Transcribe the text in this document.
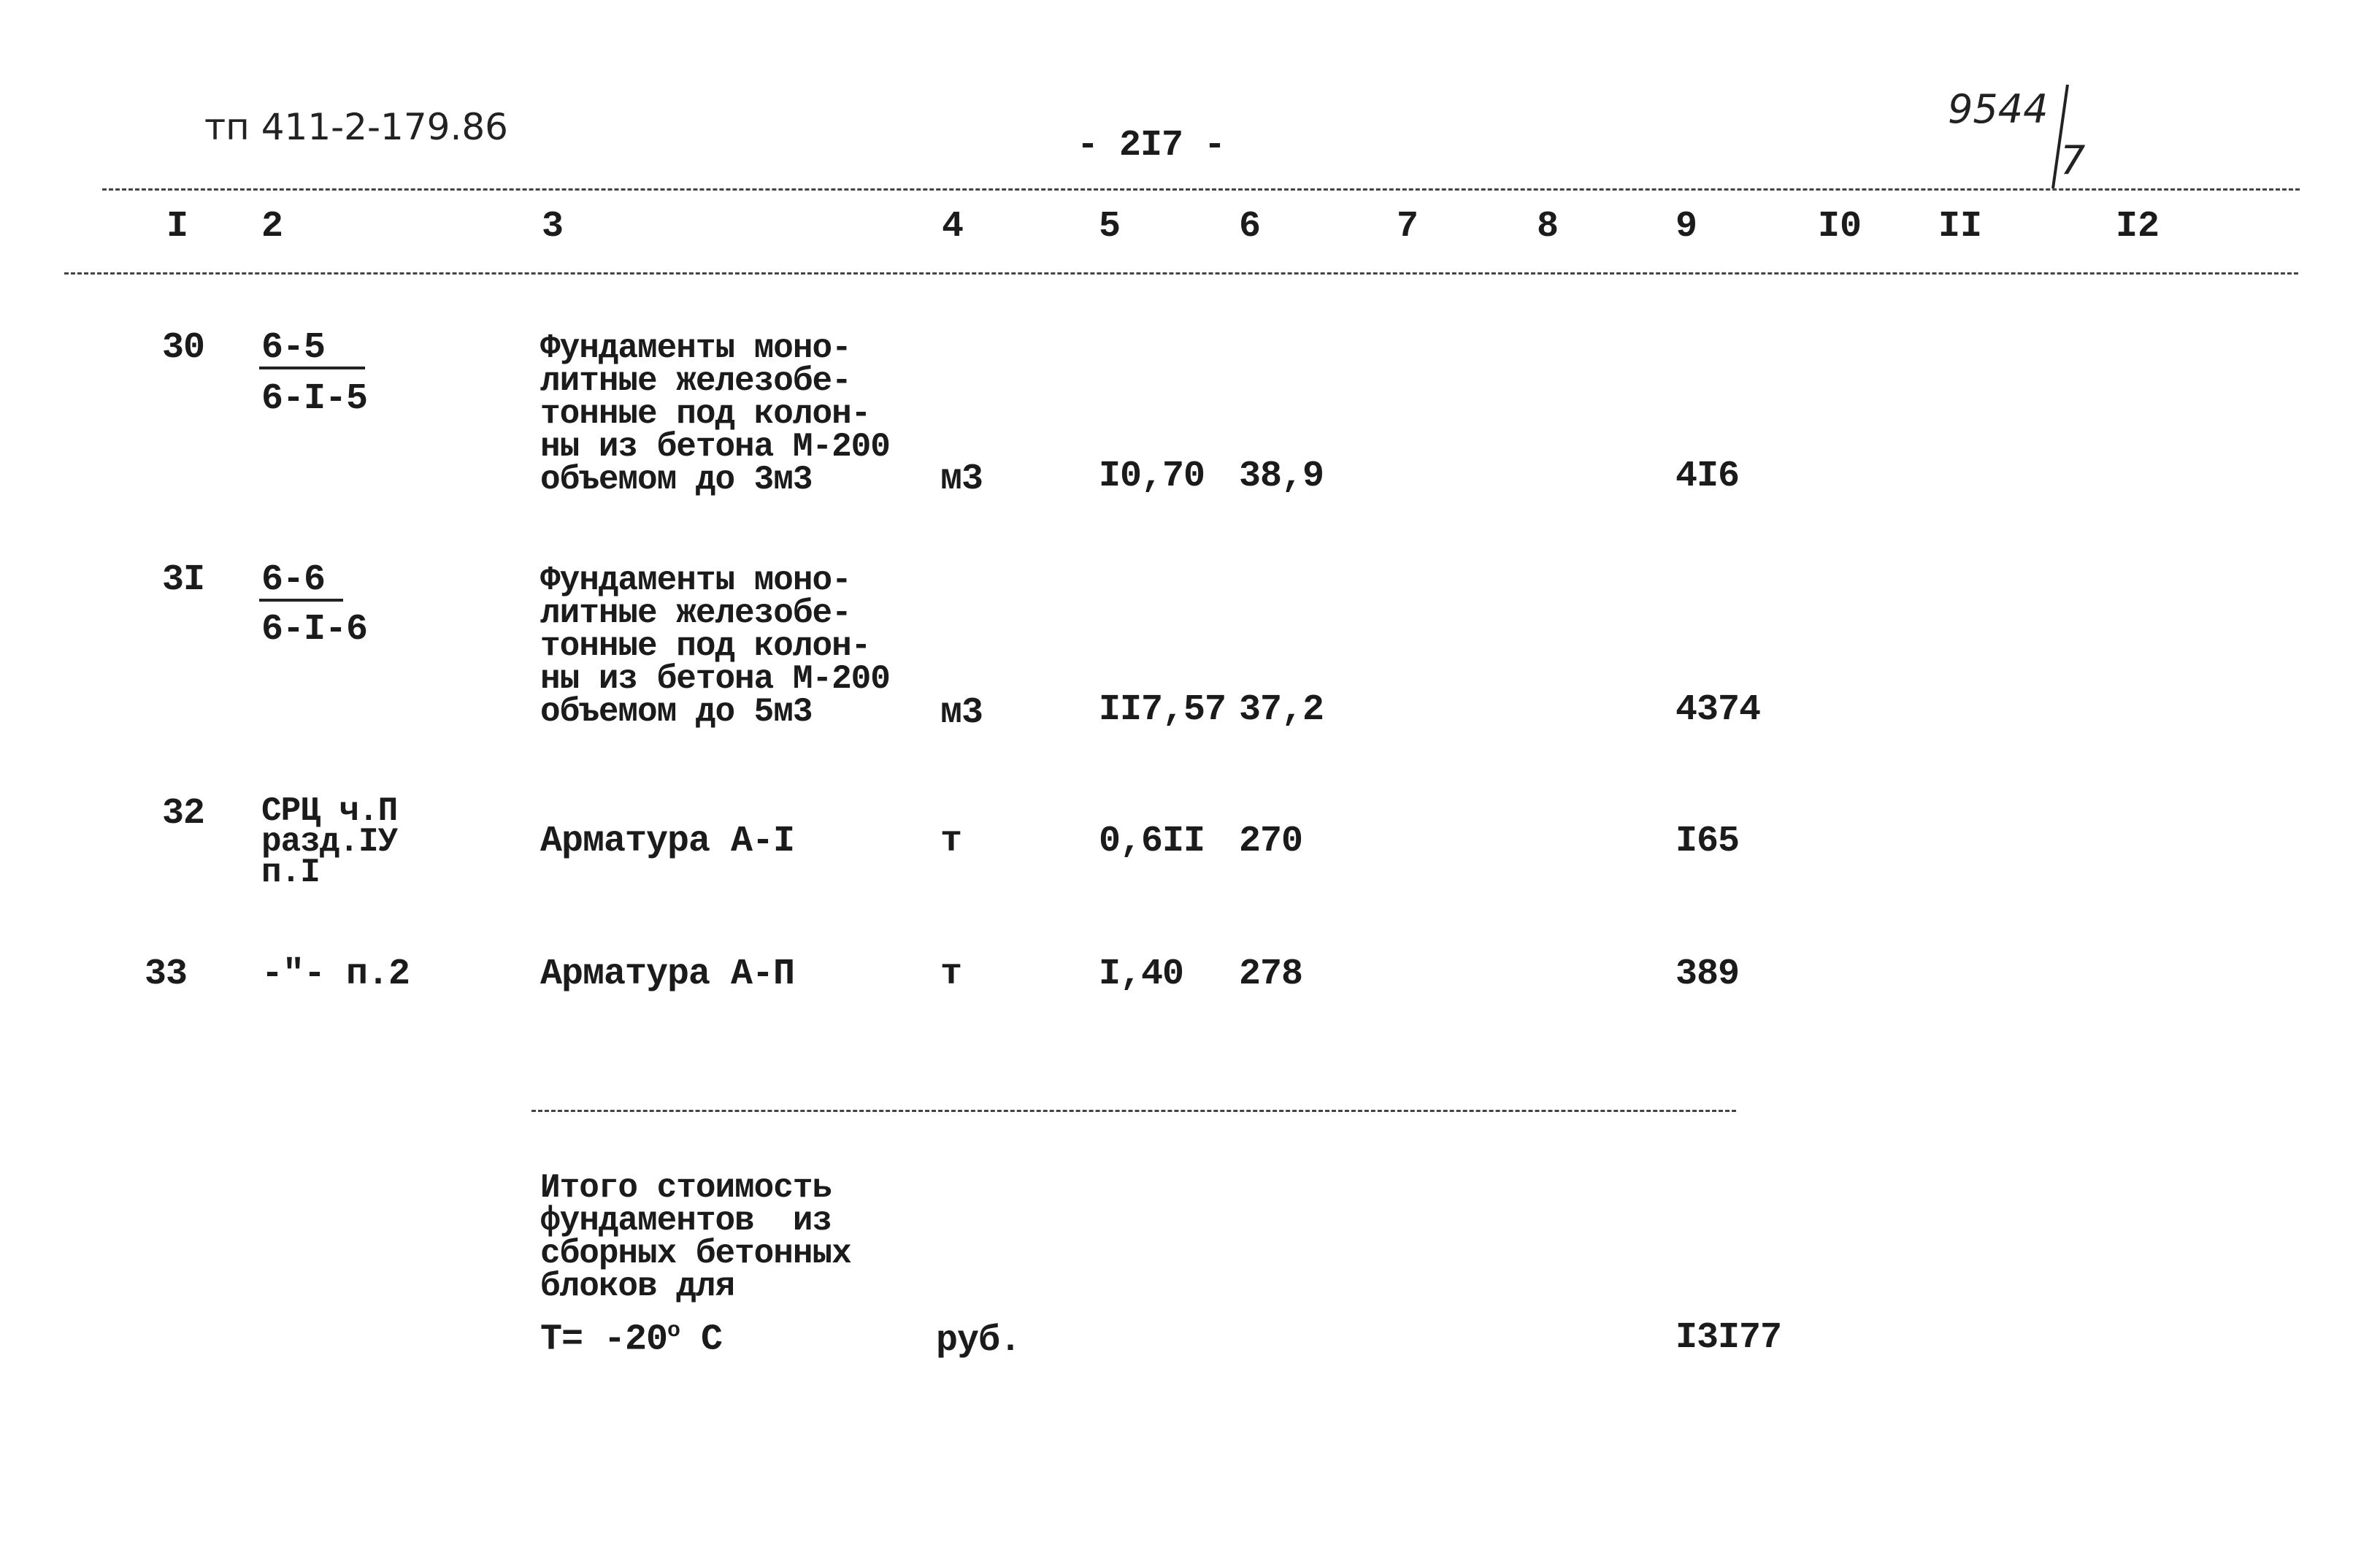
тп 411-2-179.86	- 2I7 -
9544
7
I 2	3	4	5	6	7	8	9	I0 II	I2
30 6-5
6-I-5
Фундаменты моно-
литные железобе-
тонные под колон-
ны из бетона М-200
объемом до 3м3	м3	I0,70 38,9	4I6
3I 6-6
6-I-6
Фундаменты моно-
литные железобе-
тонные под колон-
ны из бетона М-200
объемом до 5м3	м3	II7,57 37,2	4374
32 СРЦ ч.П
разд.IУ
п.I
Арматура А-I	т	0,6II 270	I65
33 -"- п.2	Арматура А-П	т	I,40 278	389
Итого стоимость
фундаментов  из
сборных бетонных
блоков для
$Т= -20^о$ С	руб.	I3I77
